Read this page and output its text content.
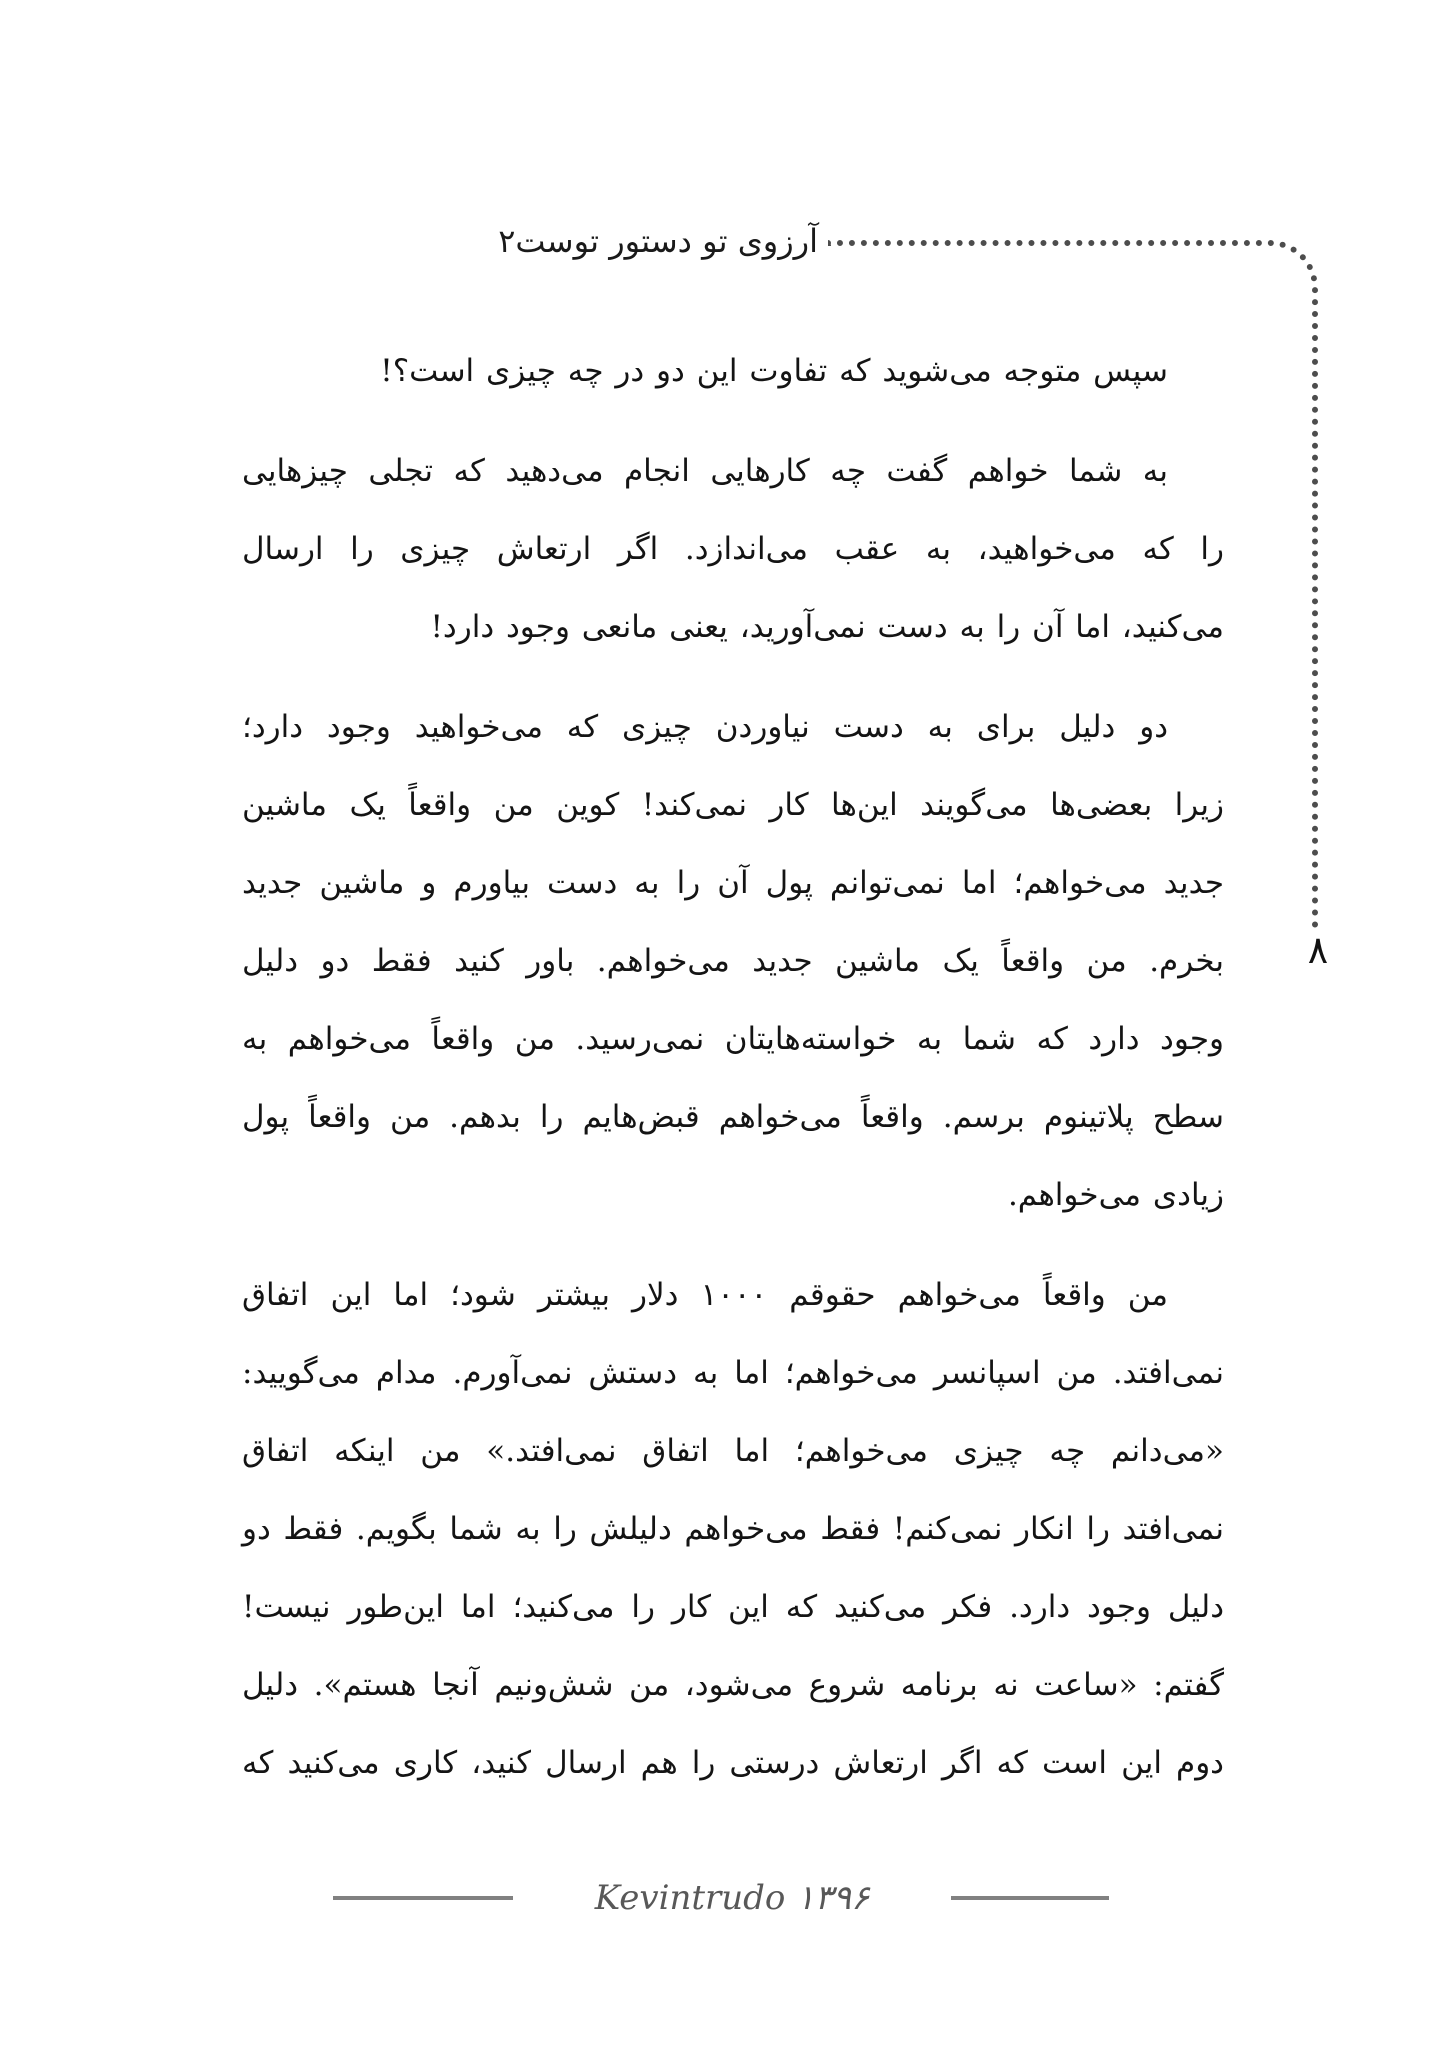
آرزوی تو دستور توست۲
۸
سپس متوجه می‌شوید که تفاوت این دو در چه چیزی است؟!
به شما خواهم گفت چه کارهایی انجام می‌دهید که تجلی چیزهایی
را که می‌خواهید، به عقب می‌اندازد. اگر ارتعاش چیزی را ارسال
می‌کنید، اما آن را به دست نمی‌آورید، یعنی مانعی وجود دارد!
دو دلیل برای به دست نیاوردن چیزی که می‌خواهید وجود دارد؛
زیرا بعضی‌ها می‌گویند این‌ها کار نمی‌کند! کوین من واقعاً یک ماشین
جدید می‌خواهم؛ اما نمی‌توانم پول آن را به دست بیاورم و ماشین جدید
بخرم. من واقعاً یک ماشین جدید می‌خواهم. باور کنید فقط دو دلیل
وجود دارد که شما به خواسته‌هایتان نمی‌رسید. من واقعاً می‌خواهم به
سطح پلاتینوم برسم. واقعاً می‌خواهم قبض‌هایم را بدهم. من واقعاً پول
زیادی می‌خواهم.
من واقعاً می‌خواهم حقوقم ۱۰۰۰ دلار بیشتر شود؛ اما این اتفاق
نمی‌افتد. من اسپانسر می‌خواهم؛ اما به دستش نمی‌آورم. مدام می‌گویید:
«می‌دانم چه چیزی می‌خواهم؛ اما اتفاق نمی‌افتد.» من اینکه اتفاق
نمی‌افتد را انکار نمی‌کنم! فقط می‌خواهم دلیلش را به شما بگویم. فقط دو
دلیل وجود دارد. فکر می‌کنید که این کار را می‌کنید؛ اما این‌طور نیست!
گفتم: «ساعت نه برنامه شروع می‌شود، من شش‌ونیم آنجا هستم». دلیل
دوم این است که اگر ارتعاش درستی را هم ارسال کنید، کاری می‌کنید که
Kevintrudo ۱۳۹۶
